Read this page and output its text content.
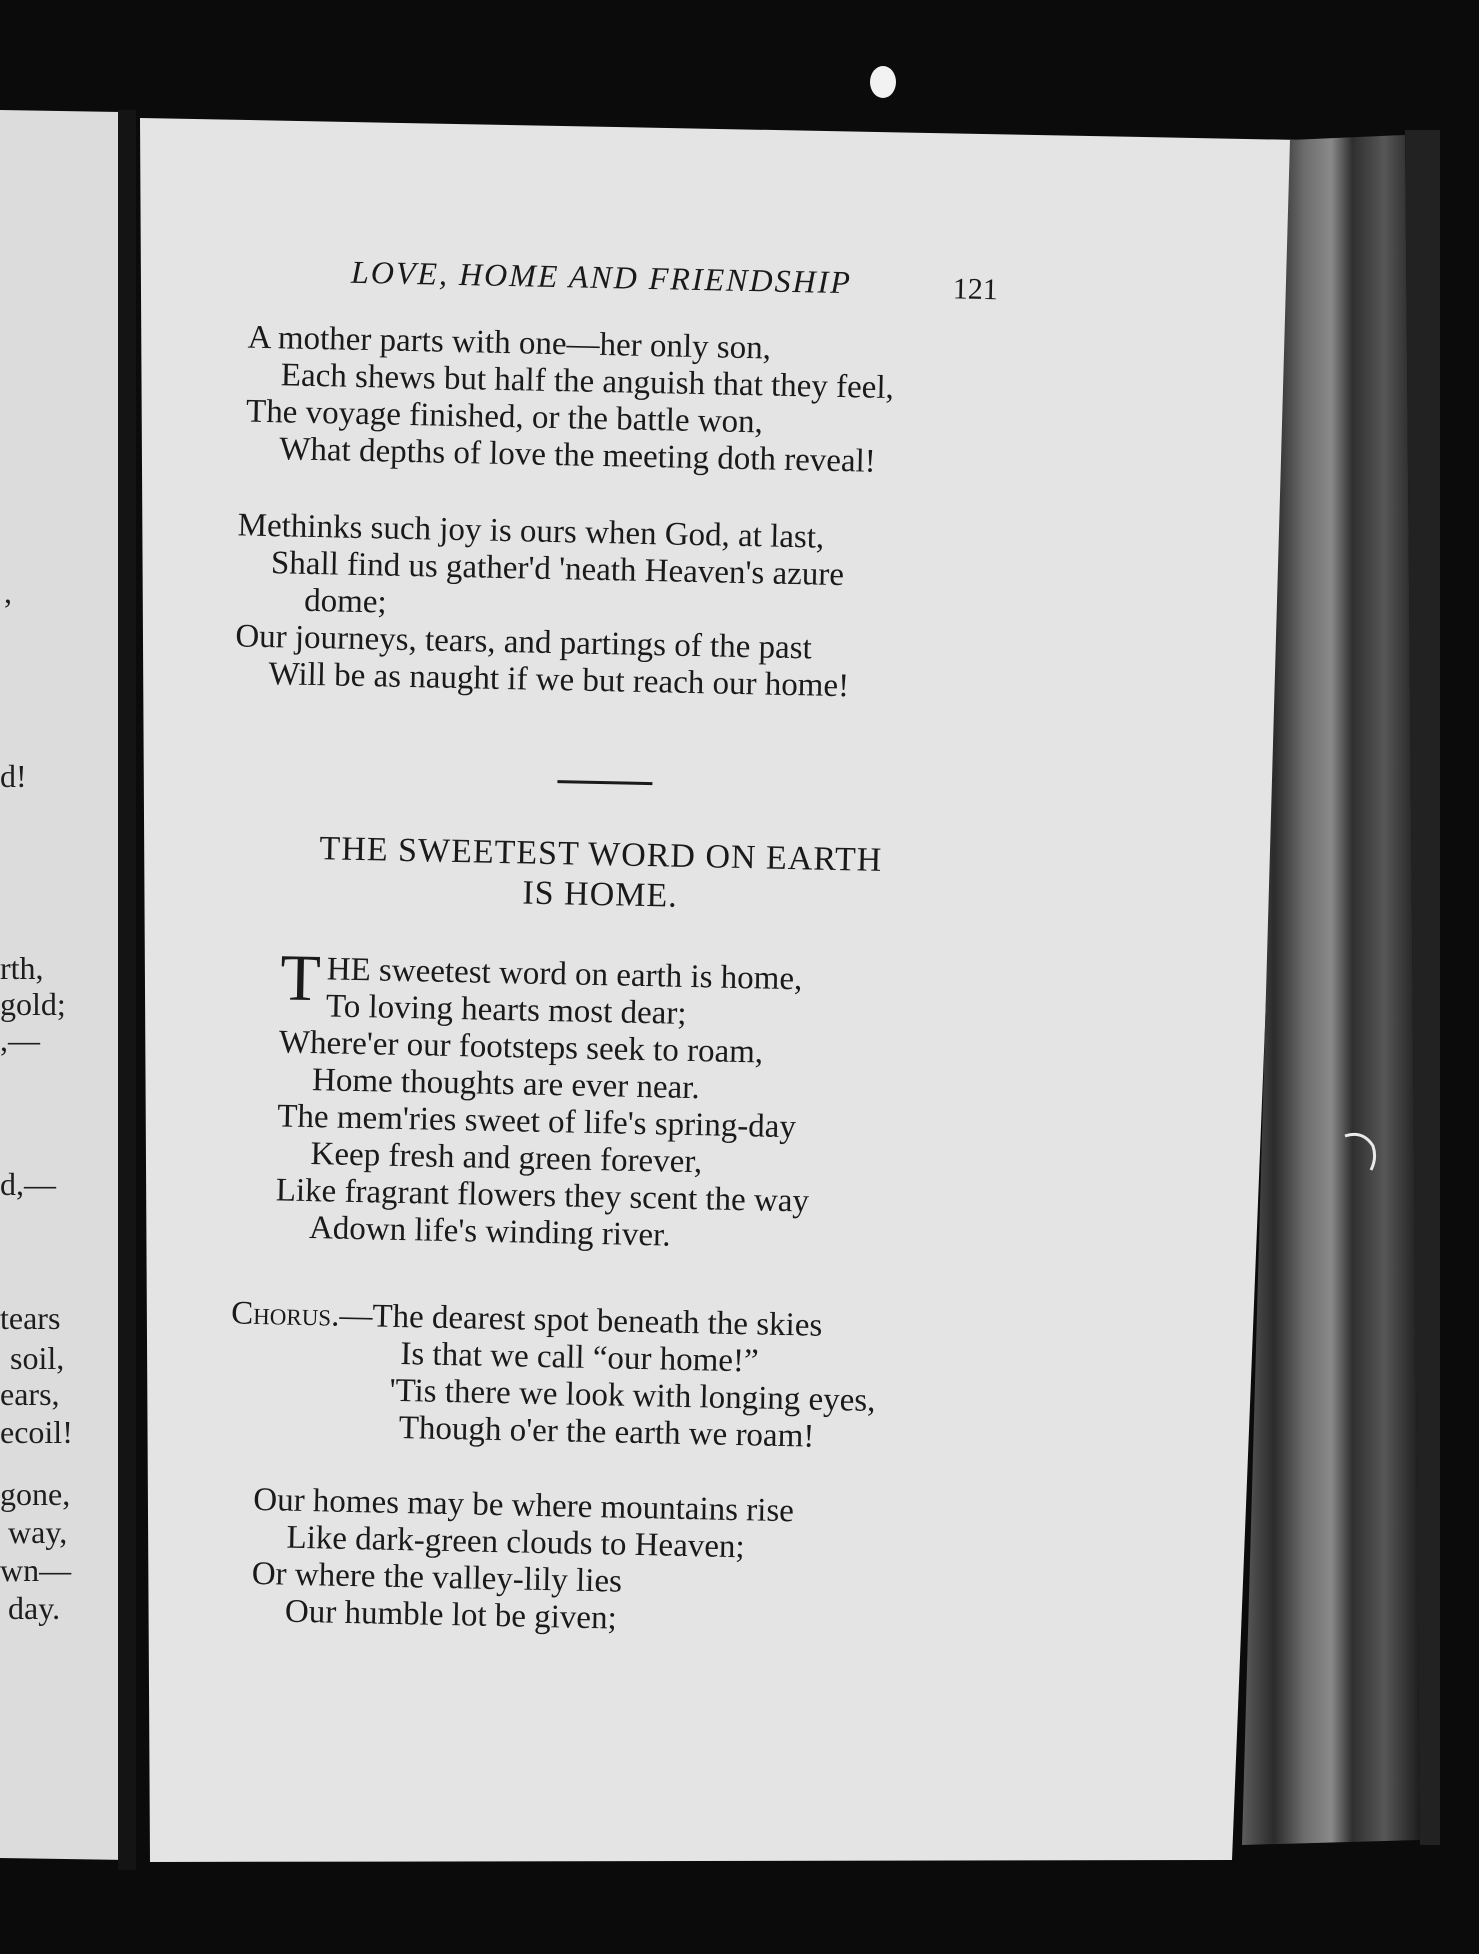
LOVE, HOME AND FRIENDSHIP	121
A mother parts with one—her only son,
Each shews but half the anguish that they feel,
The voyage finished, or the battle won,
What depths of love the meeting doth reveal!
Methinks such joy is ours when God, at last,
Shall find us gather'd 'neath Heaven's azure
dome;
Our journeys, tears, and partings of the past
Will be as naught if we but reach our home!
THE SWEETEST WORD ON EARTH
IS HOME.
T HE sweetest word on earth is home,
To loving hearts most dear;
Where'er our footsteps seek to roam,
Home thoughts are ever near.
The mem'ries sweet of life's spring-day
Keep fresh and green forever,
Like fragrant flowers they scent the way
Adown life's winding river.
Chorus.—The dearest spot beneath the skies
Is that we call “our home!”
'Tis there we look with longing eyes,
Though o'er the earth we roam!
Our homes may be where mountains rise
Like dark-green clouds to Heaven;
Or where the valley-lily lies
Our humble lot be given;
,
d!
rth,
gold;
,—
d,—
tears
soil,
ears,
ecoil!
gone,
way,
wn—
day.
